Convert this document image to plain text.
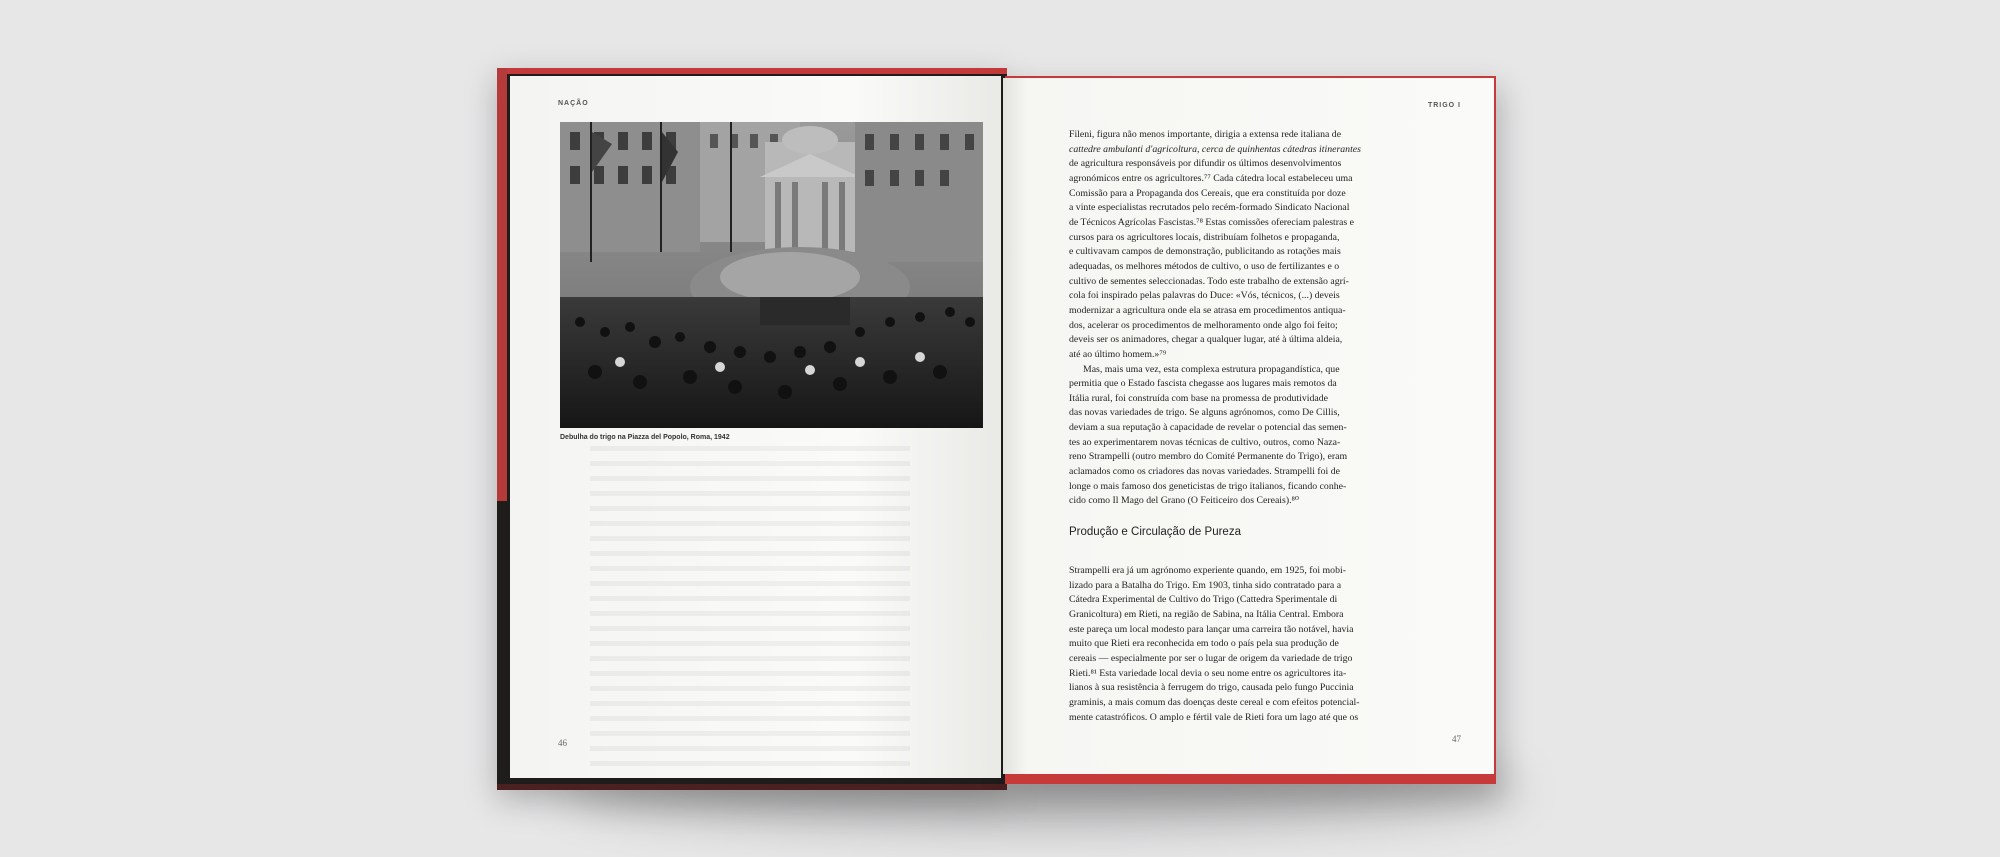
NAÇÃO
Debulha do trigo na Piazza del Popolo, Roma, 1942
46
TRIGO I

Fileni, figura não menos importante, dirigia a extensa rede italiana de

cattedre ambulanti d'agricoltura, cerca de quinhentas cátedras itinerantes

de agricultura responsáveis por difundir os últimos desenvolvimentos

agronómicos entre os agricultores.⁷⁷ Cada cátedra local estabeleceu uma

Comissão para a Propaganda dos Cereais, que era constituída por doze

a vinte especialistas recrutados pelo recém-formado Sindicato Nacional

de Técnicos Agrícolas Fascistas.⁷⁸ Estas comissões ofereciam palestras e

cursos para os agricultores locais, distribuíam folhetos e propaganda,

e cultivavam campos de demonstração, publicitando as rotações mais

adequadas, os melhores métodos de cultivo, o uso de fertilizantes e o

cultivo de sementes seleccionadas. Todo este trabalho de extensão agrí-

cola foi inspirado pelas palavras do Duce: «Vós, técnicos, (...) deveis

modernizar a agricultura onde ela se atrasa em procedimentos antiqua-

dos, acelerar os procedimentos de melhoramento onde algo foi feito;

deveis ser os animadores, chegar a qualquer lugar, até à última aldeia,

até ao último homem.»⁷⁹

Mas, mais uma vez, esta complexa estrutura propagandística, que

permitia que o Estado fascista chegasse aos lugares mais remotos da

Itália rural, foi construída com base na promessa de produtividade

das novas variedades de trigo. Se alguns agrónomos, como De Cillis,

deviam a sua reputação à capacidade de revelar o potencial das semen-

tes ao experimentarem novas técnicas de cultivo, outros, como Naza-

reno Strampelli (outro membro do Comité Permanente do Trigo), eram

aclamados como os criadores das novas variedades. Strampelli foi de

longe o mais famoso dos geneticistas de trigo italianos, ficando conhe-

cido como Il Mago del Grano (O Feiticeiro dos Cereais).⁸⁰

Produção e Circulação de Pureza

Strampelli era já um agrónomo experiente quando, em 1925, foi mobi-

lizado para a Batalha do Trigo. Em 1903, tinha sido contratado para a

Cátedra Experimental de Cultivo do Trigo (Cattedra Sperimentale di

Granicoltura) em Rieti, na região de Sabina, na Itália Central. Embora

este pareça um local modesto para lançar uma carreira tão notável, havia

muito que Rieti era reconhecida em todo o país pela sua produção de

cereais — especialmente por ser o lugar de origem da variedade de trigo

Rieti.⁸¹ Esta variedade local devia o seu nome entre os agricultores ita-

lianos à sua resistência à ferrugem do trigo, causada pelo fungo Puccinia

graminis, a mais comum das doenças deste cereal e com efeitos potencial-

mente catastróficos. O amplo e fértil vale de Rieti fora um lago até que os

47
